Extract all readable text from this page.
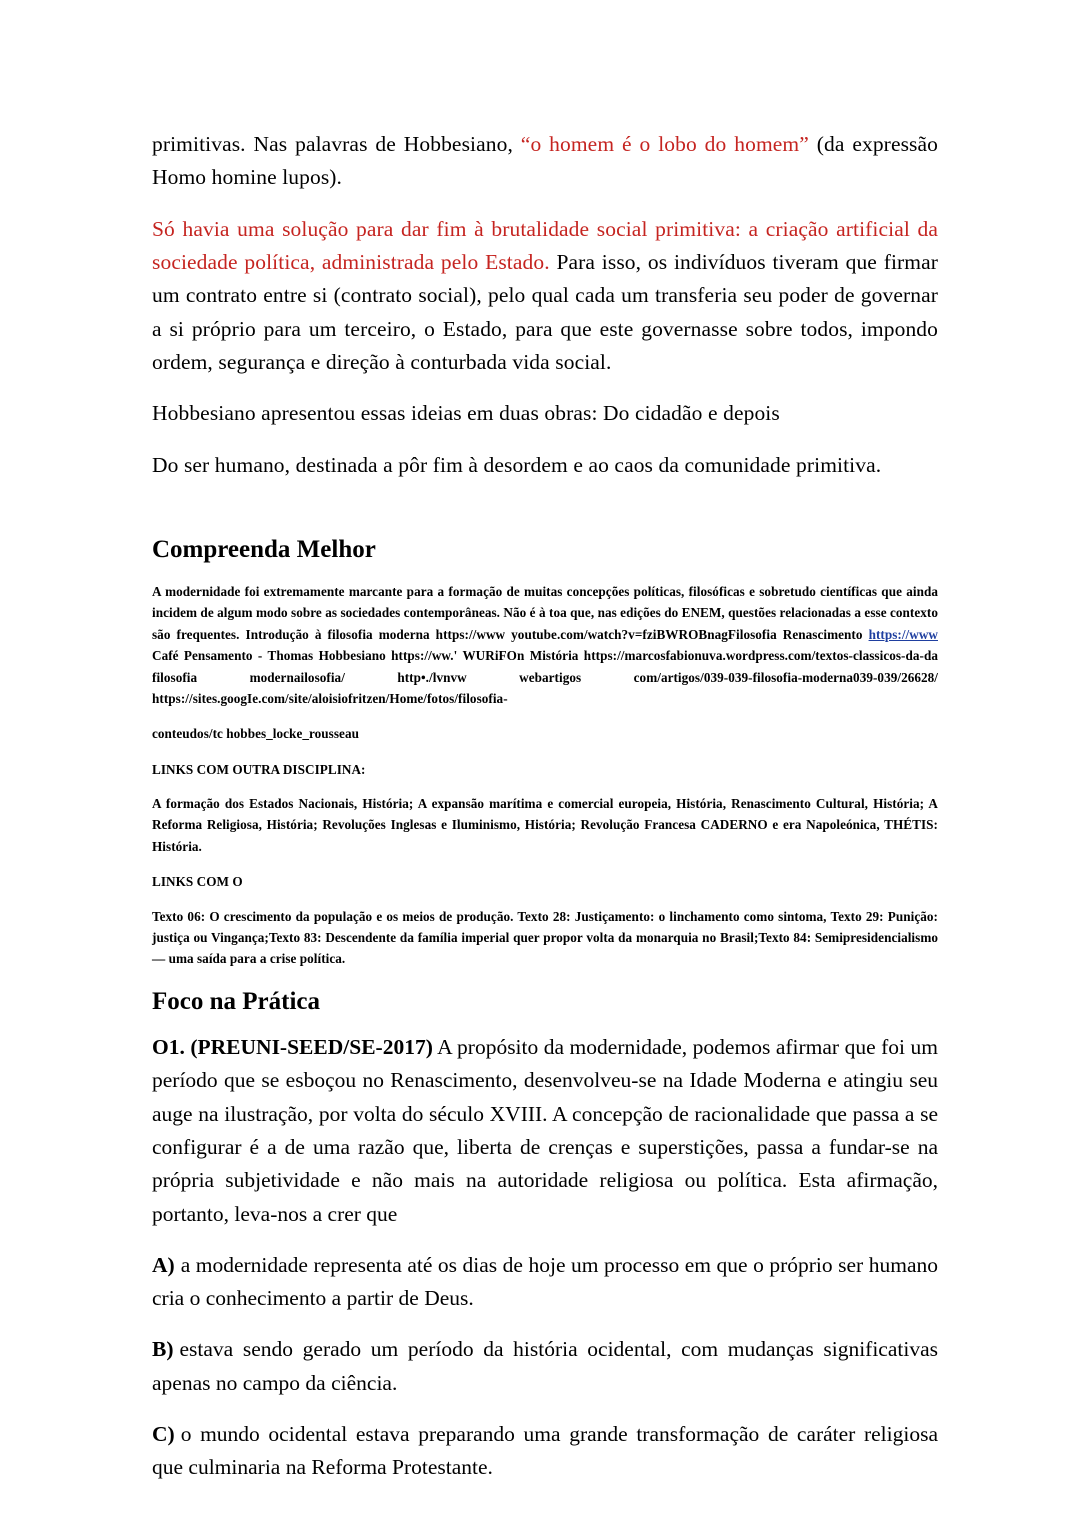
primitivas. Nas palavras de Hobbesiano, “o homem é o lobo do homem” (da expressão Homo homine lupos).

Só havia uma solução para dar fim à brutalidade social primitiva: a criação artificial da sociedade política, administrada pelo Estado. Para isso, os indivíduos tiveram que firmar um contrato entre si (contrato social), pelo qual cada um transferia seu poder de governar a si próprio para um terceiro, o Estado, para que este governasse sobre todos, impondo ordem, segurança e direção à conturbada vida social.

Hobbesiano apresentou essas ideias em duas obras: Do cidadão e depois

Do ser humano, destinada a pôr fim à desordem e ao caos da comunidade primitiva.

Compreenda Melhor

A modernidade foi extremamente marcante para a formação de muitas concepções políticas, filosóficas e sobretudo científicas que ainda incidem de algum modo sobre as sociedades contemporâneas. Não é à toa que, nas edições do ENEM, questões relacionadas a esse contexto são frequentes. Introdução à filosofia moderna https://www youtube.com/watch?v=fziBWROBnagFilosofia Renascimento https://www Café Pensamento - Thomas Hobbesiano https://ww.' WURiFOn Mistória https://marcosfabionuva.wordpress.com/textos-classicos-da-da filosofia modernailosofia/ http•./lvnvw webartigos com/artigos/039-039-filosofia-moderna039-039/26628/ https://sites.googIe.com/site/aloisiofritzen/Home/fotos/filosofia-

conteudos/tc hobbes_locke_rousseau

LINKS COM OUTRA DISCIPLINA:

A formação dos Estados Nacionais, História; A expansão marítima e comercial europeia, História, Renascimento Cultural, História; A Reforma Religiosa, História; Revoluções Inglesas e Iluminismo, História; Revolução Francesa CADERNO e era Napoleónica, THÉTIS: História.

LINKS COM O

Texto 06: O crescimento da população e os meios de produção. Texto 28: Justiçamento: o linchamento como sintoma, Texto 29: Punição: justiça ou Vingança;Texto 83: Descendente da família imperial quer propor volta da monarquia no Brasil;Texto 84: Semipresidencialismo — uma saída para a crise política.

Foco na Prática

O1. (PREUNI-SEED/SE-2017) A propósito da modernidade, podemos afirmar que foi um período que se esboçou no Renascimento, desenvolveu-se na Idade Moderna e atingiu seu auge na ilustração, por volta do século XVIII. A concepção de racionalidade que passa a se configurar é a de uma razão que, liberta de crenças e superstições, passa a fundar-se na própria subjetividade e não mais na autoridade religiosa ou política. Esta afirmação, portanto, leva-nos a crer que

A) a modernidade representa até os dias de hoje um processo em que o próprio ser humano cria o conhecimento a partir de Deus.
B) estava sendo gerado um período da história ocidental, com mudanças significativas apenas no campo da ciência.
C) o mundo ocidental estava preparando uma grande transformação de caráter religiosa que culminaria na Reforma Protestante.
